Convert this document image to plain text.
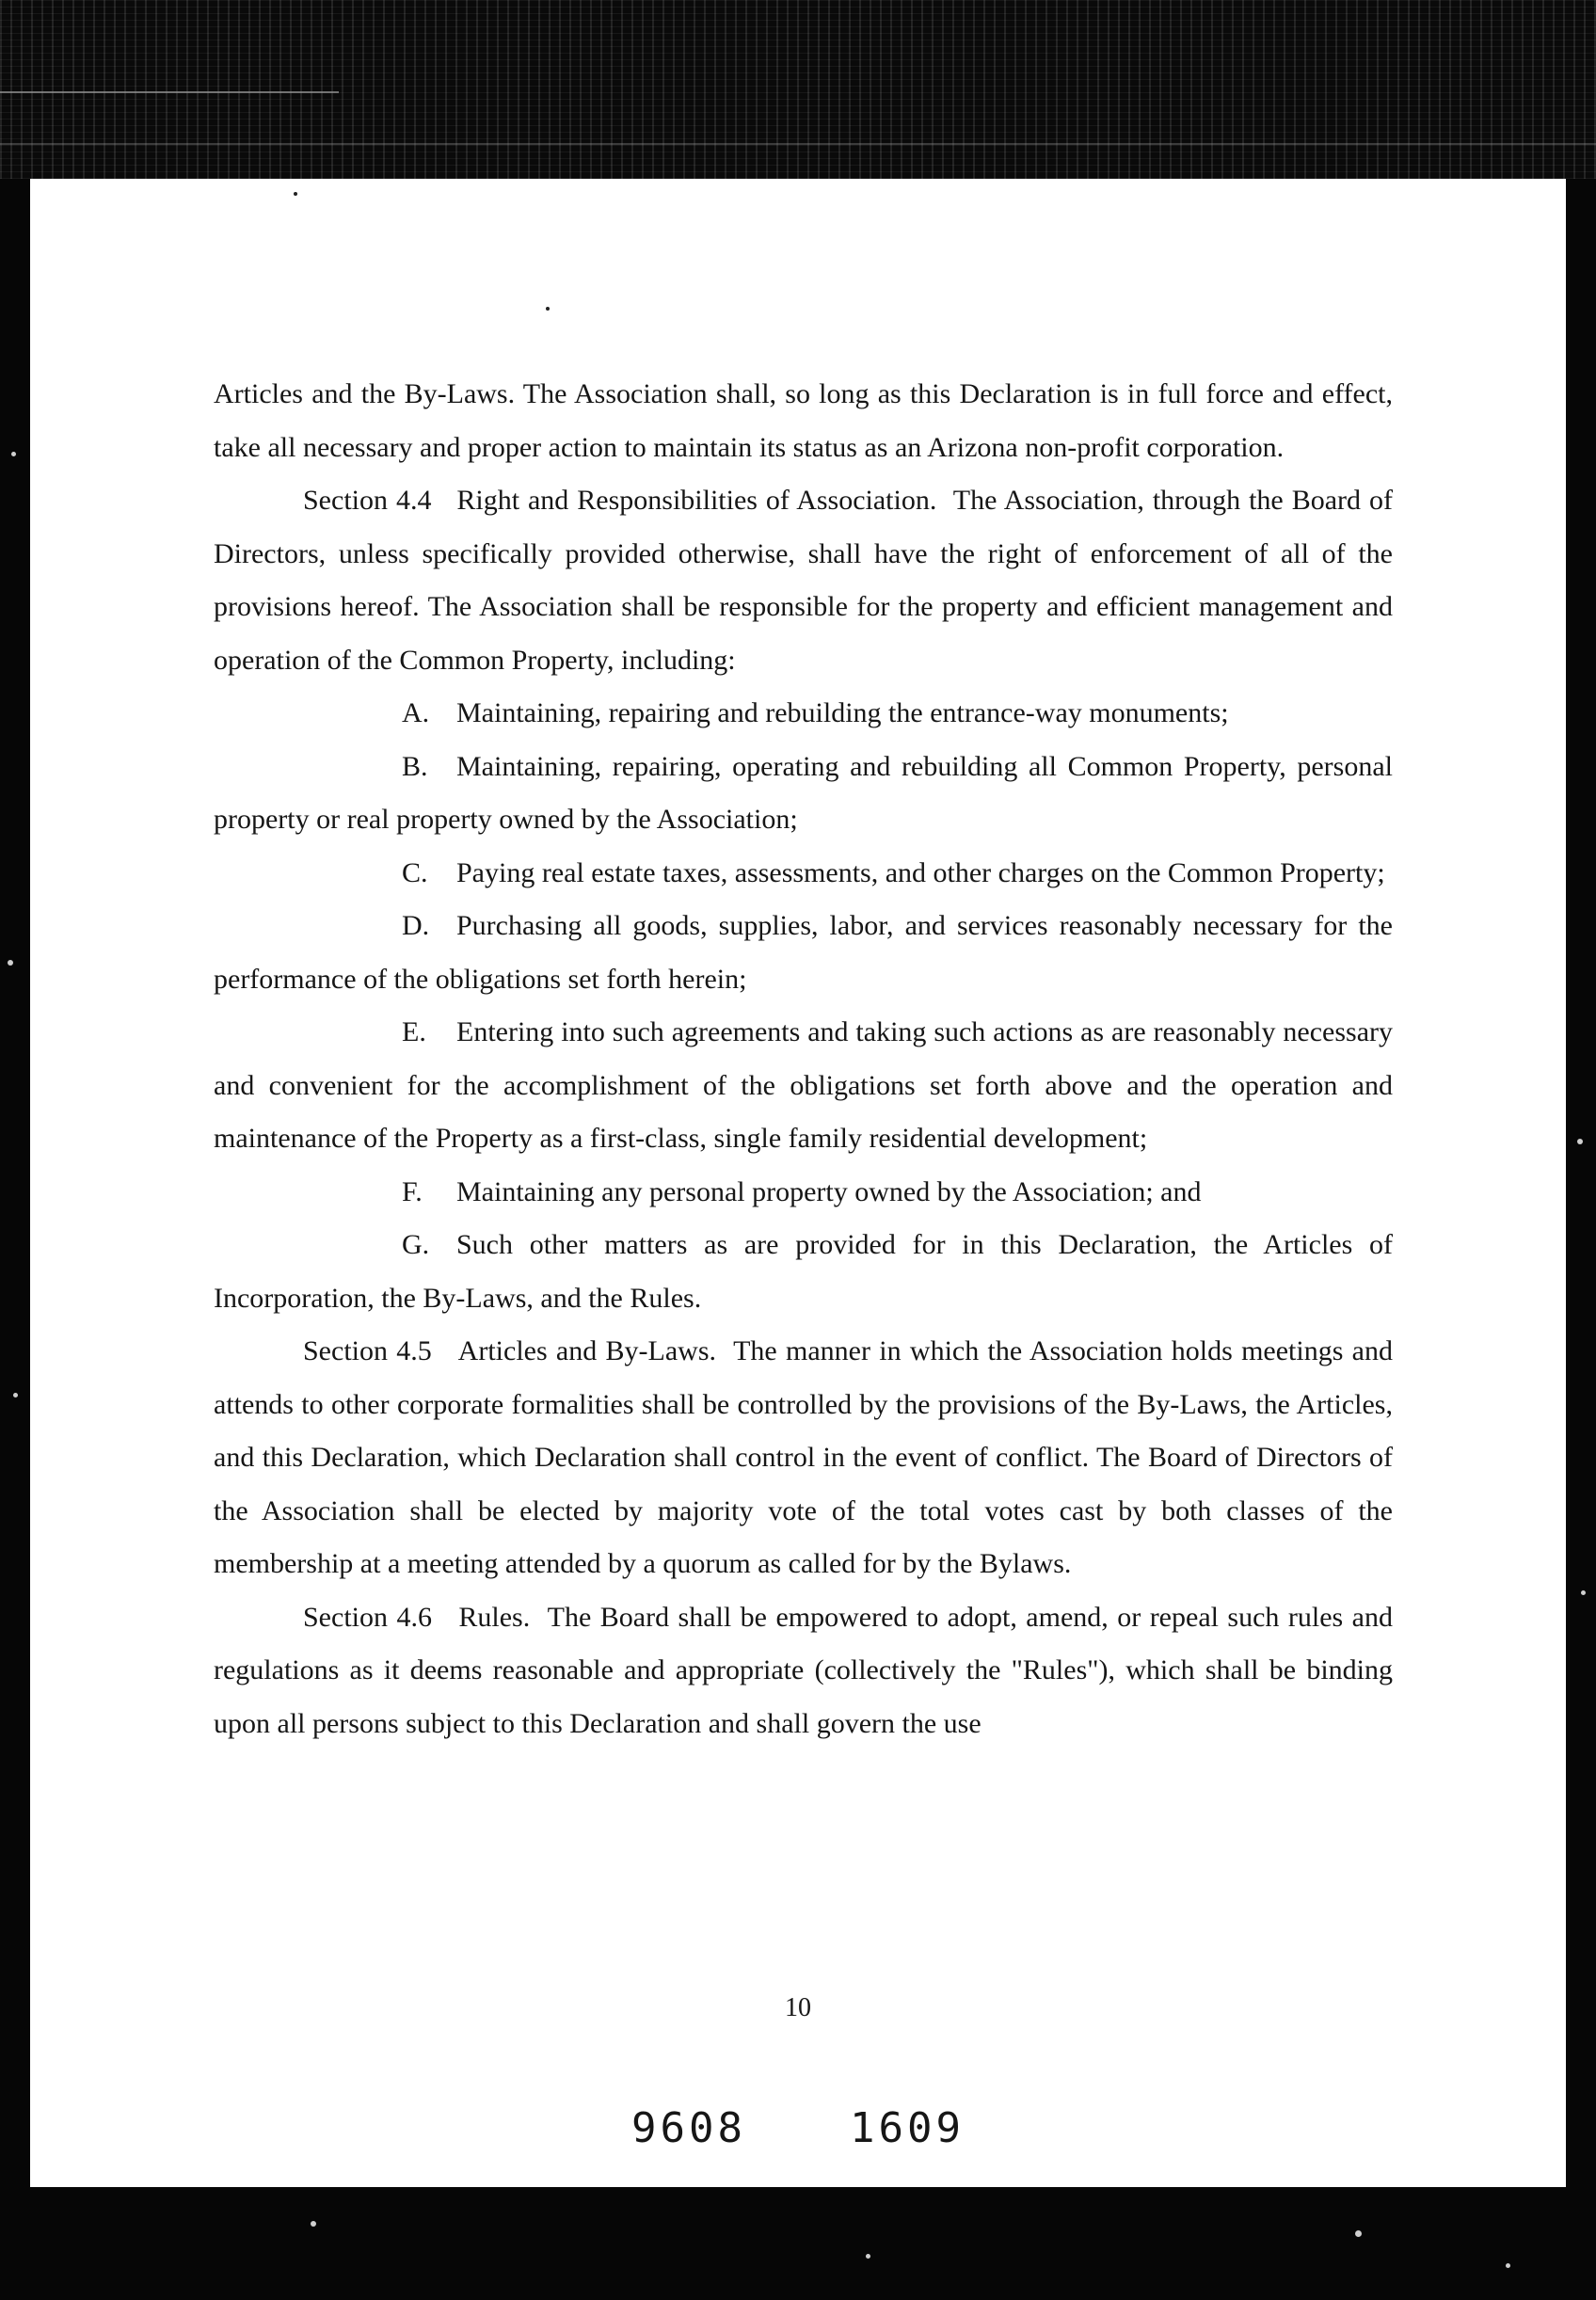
Articles and the By-Laws. The Association shall, so long as this Declaration is in full force and effect, take all necessary and proper action to maintain its status as an Arizona non-profit corporation.

Section 4.4 Right and Responsibilities of Association. The Association, through the Board of Directors, unless specifically provided otherwise, shall have the right of enforcement of all of the provisions hereof. The Association shall be responsible for the property and efficient management and operation of the Common Property, including:

A. Maintaining, repairing and rebuilding the entrance-way monuments;

B. Maintaining, repairing, operating and rebuilding all Common Property, personal property or real property owned by the Association;

C. Paying real estate taxes, assessments, and other charges on the Common Property;

D. Purchasing all goods, supplies, labor, and services reasonably necessary for the performance of the obligations set forth herein;

E. Entering into such agreements and taking such actions as are reasonably necessary and convenient for the accomplishment of the obligations set forth above and the operation and maintenance of the Property as a first-class, single family residential development;

F. Maintaining any personal property owned by the Association; and

G. Such other matters as are provided for in this Declaration, the Articles of Incorporation, the By-Laws, and the Rules.

Section 4.5 Articles and By-Laws. The manner in which the Association holds meetings and attends to other corporate formalities shall be controlled by the provisions of the By-Laws, the Articles, and this Declaration, which Declaration shall control in the event of conflict. The Board of Directors of the Association shall be elected by majority vote of the total votes cast by both classes of the membership at a meeting attended by a quorum as called for by the Bylaws.

Section 4.6 Rules. The Board shall be empowered to adopt, amend, or repeal such rules and regulations as it deems reasonable and appropriate (collectively the "Rules"), which shall be binding upon all persons subject to this Declaration and shall govern the use

10
9608	1609
